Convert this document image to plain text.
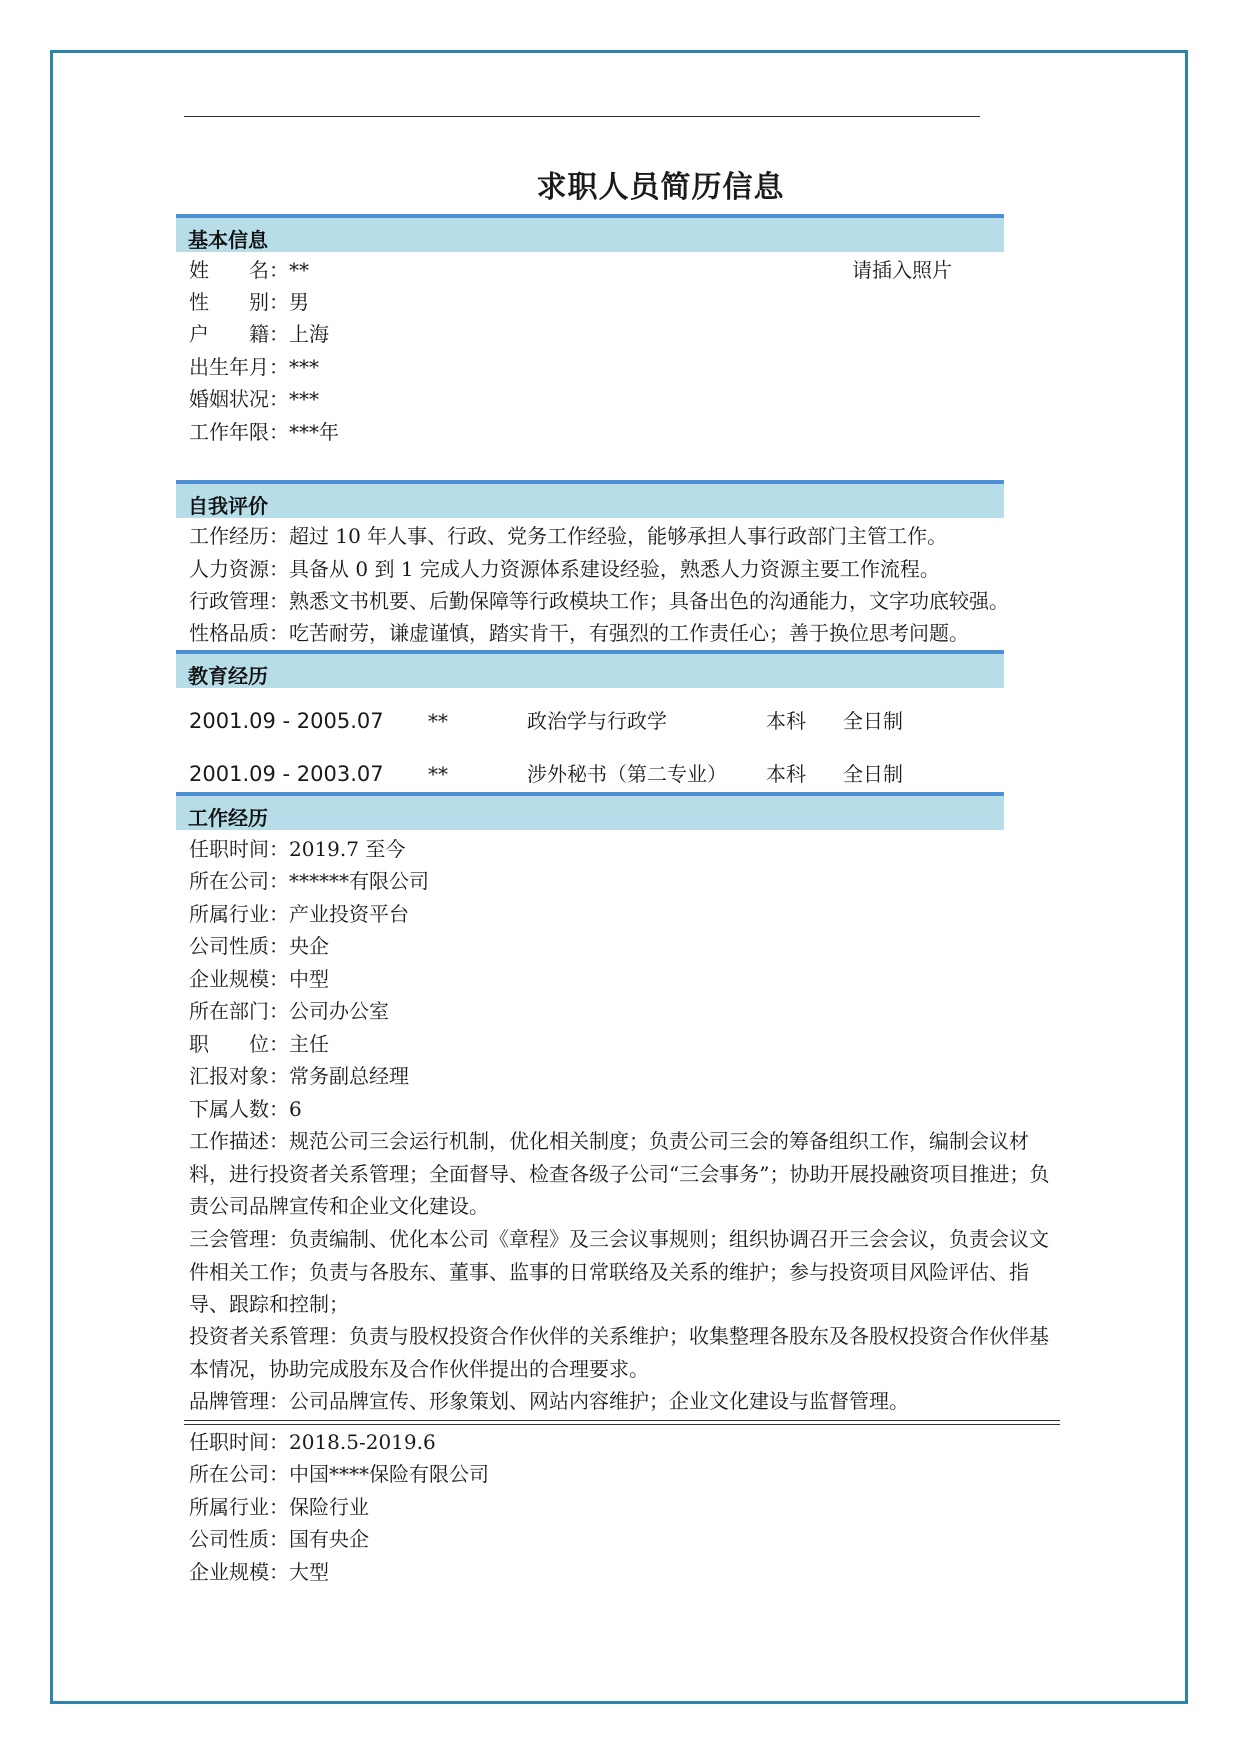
求职人员简历信息
基本信息
请插入照片
姓　　名：**
性　　别：男
户　　籍：上海
出生年月：***
婚姻状况：***
工作年限：***年
自我评价
工作经历：超过 10 年人事、行政、党务工作经验，能够承担人事行政部门主管工作。
人力资源：具备从 0 到 1 完成人力资源体系建设经验，熟悉人力资源主要工作流程。
行政管理：熟悉文书机要、后勤保障等行政模块工作；具备出色的沟通能力，文字功底较强。
性格品质：吃苦耐劳，谦虚谨慎，踏实肯干，有强烈的工作责任心；善于换位思考问题。
教育经历
2001.09 - 2005.07 **	政治学与行政学	本科 全日制
2001.09 - 2003.07 **	涉外秘书（第二专业） 本科 全日制
工作经历
任职时间：2019.7 至今
所在公司：******有限公司
所属行业：产业投资平台
公司性质：央企
企业规模：中型
所在部门：公司办公室
职　　位：主任
汇报对象：常务副总经理
下属人数：6
工作描述：规范公司三会运行机制，优化相关制度；负责公司三会的筹备组织工作，编制会议材料，进行投资者关系管理；全面督导、检查各级子公司“三会事务”；协助开展投融资项目推进；负责公司品牌宣传和企业文化建设。
三会管理：负责编制、优化本公司《章程》及三会议事规则；组织协调召开三会会议，负责会议文件相关工作；负责与各股东、董事、监事的日常联络及关系的维护；参与投资项目风险评估、指导、跟踪和控制；
投资者关系管理：负责与股权投资合作伙伴的关系维护；收集整理各股东及各股权投资合作伙伴基本情况，协助完成股东及合作伙伴提出的合理要求。
品牌管理：公司品牌宣传、形象策划、网站内容维护；企业文化建设与监督管理。
任职时间：2018.5-2019.6
所在公司：中国****保险有限公司
所属行业：保险行业
公司性质：国有央企
企业规模：大型
